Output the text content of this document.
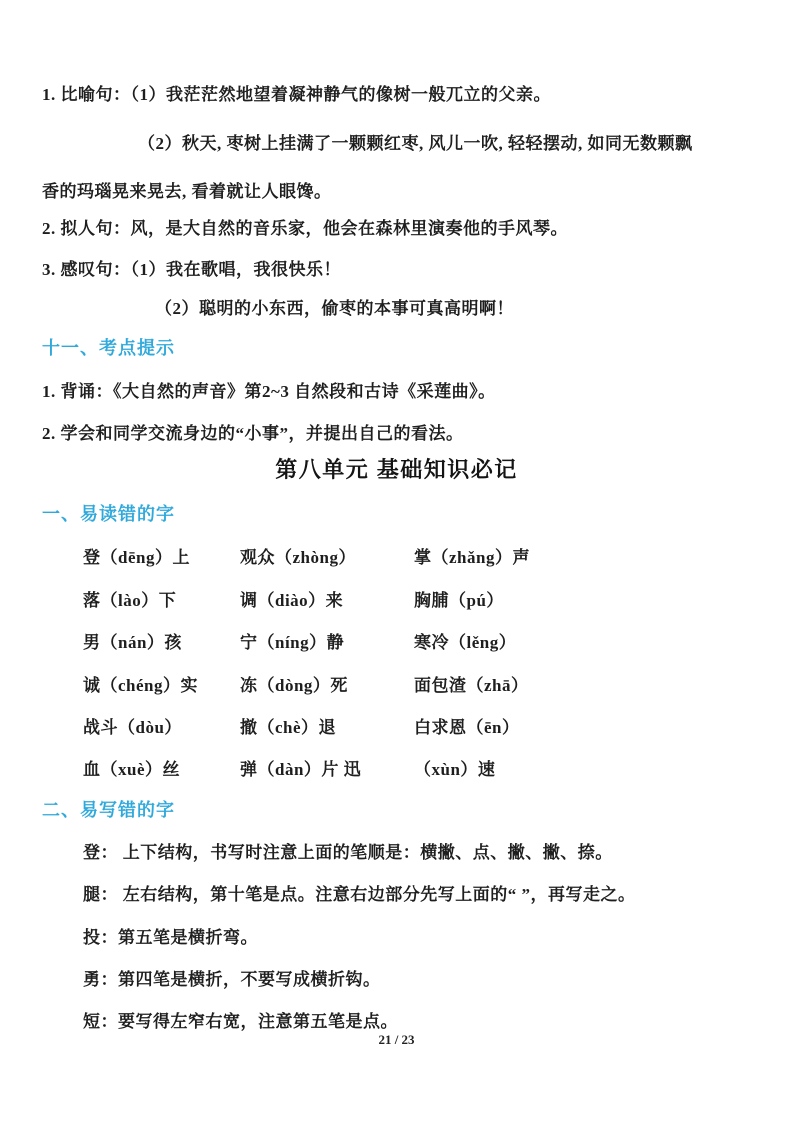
1. 比喻句：（1）我茫茫然地望着凝神静气的像树一般兀立的父亲。
（2）秋天, 枣树上挂满了一颗颗红枣, 风儿一吹, 轻轻摆动, 如同无数颗飘
香的玛瑙晃来晃去, 看着就让人眼馋。
2. 拟人句：风，是大自然的音乐家，他会在森林里演奏他的手风琴。
3. 感叹句：（1）我在歌唱，我很快乐！
（2）聪明的小东西，偷枣的本事可真高明啊！
十一、考点提示
1. 背诵：《大自然的声音》第2~3 自然段和古诗《采莲曲》。
2. 学会和同学交流身边的“小事”，并提出自己的看法。
第八单元 基础知识必记
一、易读错的字
登（dēng）上	观众（zhòng）	掌（zhǎng）声
落（lào）下	调（diào）来	胸脯（pú）
男（nán）孩	宁（níng）静	寒冷（lěng）
诚（chéng）实	冻（dòng）死	面包渣（zhā）
战斗（dòu）	撤（chè）退	白求恩（ēn）
血（xuè）丝	弹（dàn）片 迅	（xùn）速
二、易写错的字
登： 上下结构，书写时注意上面的笔顺是：横撇、点、撇、撇、捺。
腿： 左右结构，第十笔是点。注意右边部分先写上面的“ ”，再写走之。
投：第五笔是横折弯。
勇：第四笔是横折，不要写成横折钩。
短：要写得左窄右宽，注意第五笔是点。
21 / 23
